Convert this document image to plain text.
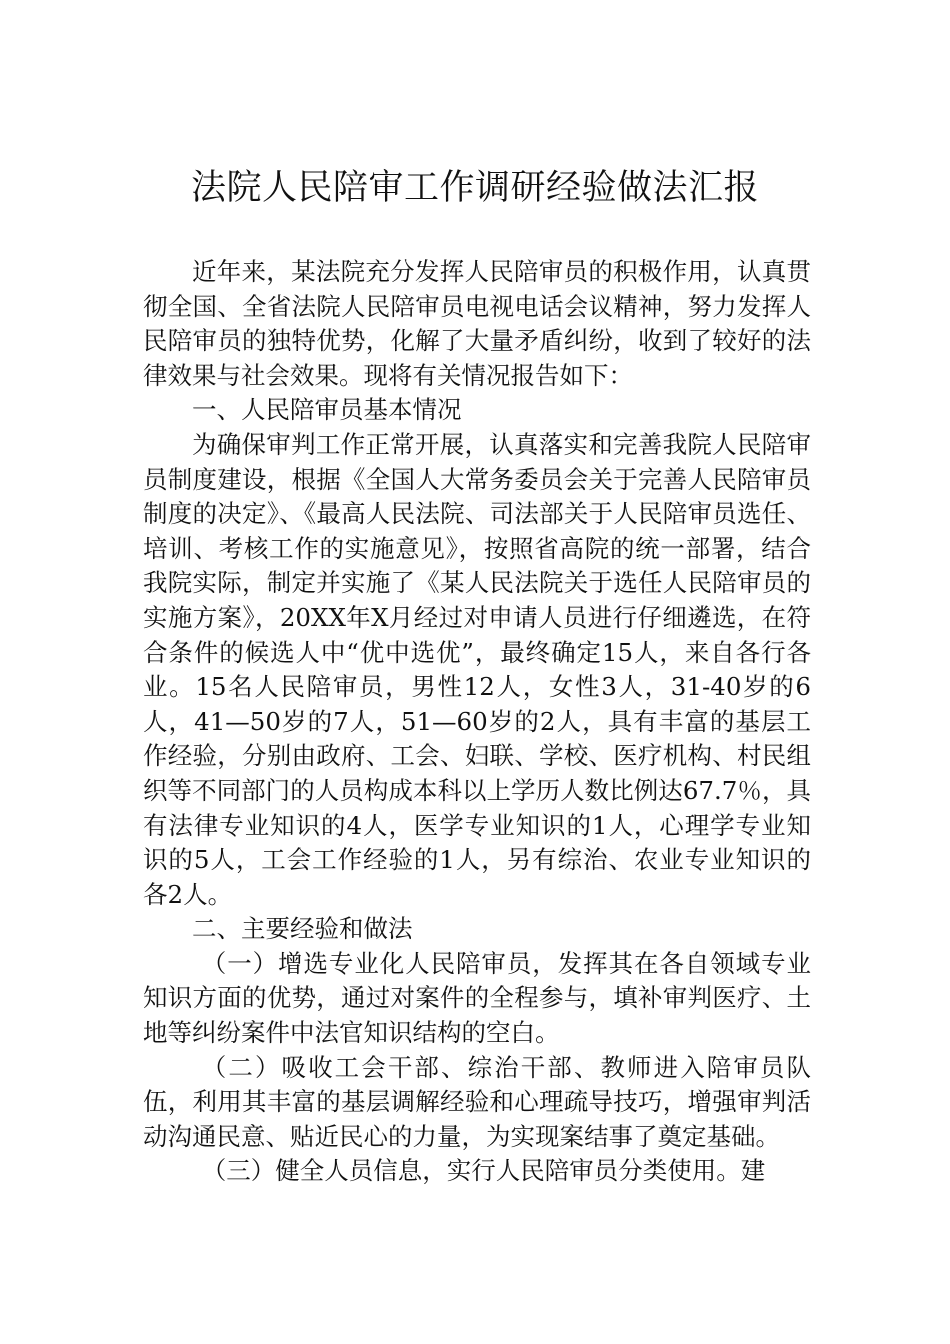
法院人民陪审工作调研经验做法汇报

近年来，某法院充分发挥人民陪审员的积极作用，认真贯彻全国、全省法院人民陪审员电视电话会议精神，努力发挥人民陪审员的独特优势，化解了大量矛盾纠纷，收到了较好的法律效果与社会效果。现将有关情况报告如下：

一、人民陪审员基本情况

为确保审判工作正常开展，认真落实和完善我院人民陪审员制度建设，根据《全国人大常务委员会关于完善人民陪审员制度的决定》、《最高人民法院、司法部关于人民陪审员选任、培训、考核工作的实施意见》，按照省高院的统一部署，结合我院实际，制定并实施了《某人民法院关于选任人民陪审员的实施方案》，20XX年X月经过对申请人员进行仔细遴选，在符合条件的候选人中“优中选优”，最终确定15人，来自各行各业。15名人民陪审员，男性12人，女性3人，31-40岁的6人，41—50岁的7人，51—60岁的2人，具有丰富的基层工作经验，分别由政府、工会、妇联、学校、医疗机构、村民组织等不同部门的人员构成本科以上学历人数比例达67.7％，具有法律专业知识的4人，医学专业知识的1人，心理学专业知识的5人，工会工作经验的1人，另有综治、农业专业知识的各2人。

二、主要经验和做法

（一）增选专业化人民陪审员，发挥其在各自领域专业知识方面的优势，通过对案件的全程参与，填补审判医疗、土地等纠纷案件中法官知识结构的空白。

（二）吸收工会干部、综治干部、教师进入陪审员队伍，利用其丰富的基层调解经验和心理疏导技巧，增强审判活动沟通民意、贴近民心的力量，为实现案结事了奠定基础。

（三）健全人员信息，实行人民陪审员分类使用。建
